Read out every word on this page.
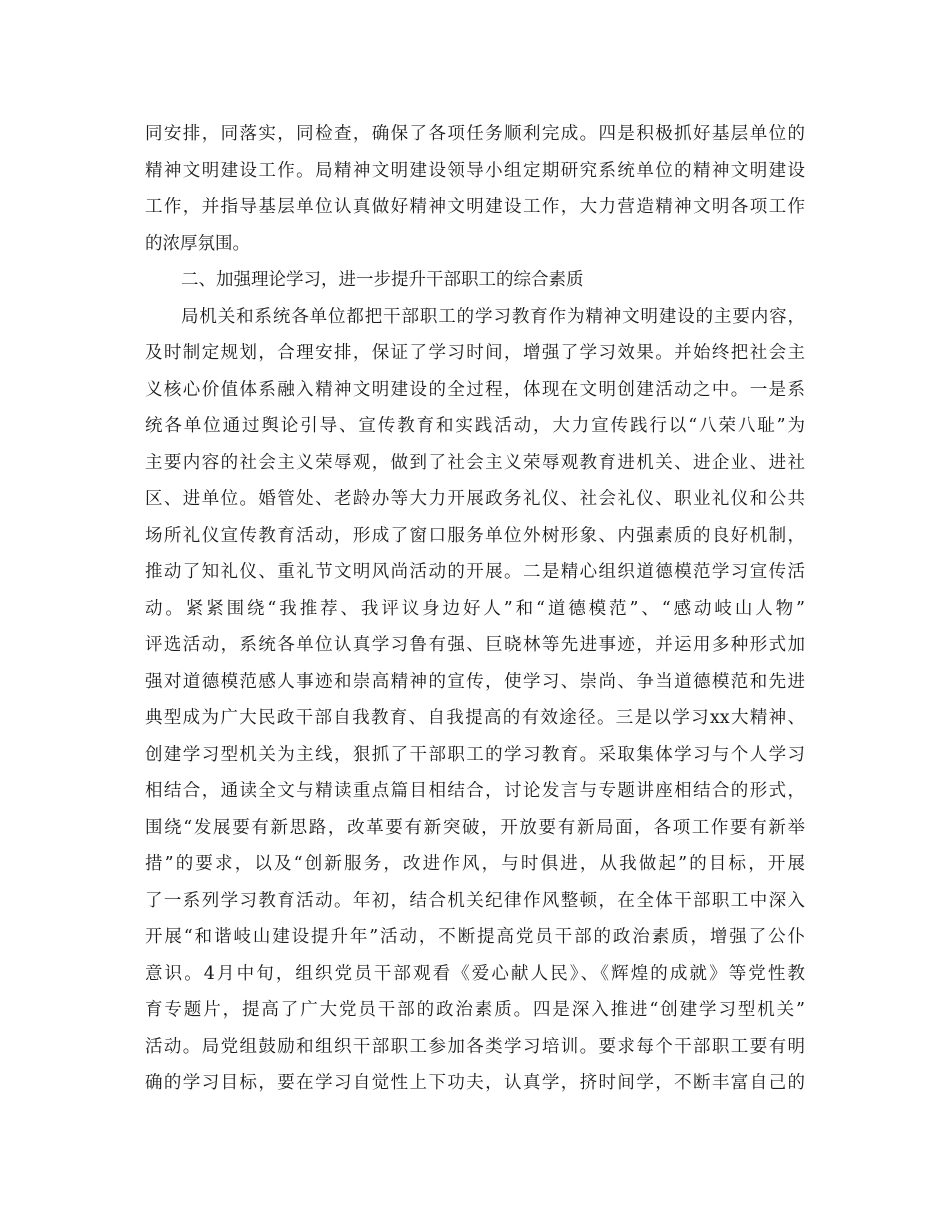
同安排，同落实，同检查，确保了各项任务顺利完成。四是积极抓好基层单位的
精神文明建设工作。局精神文明建设领导小组定期研究系统单位的精神文明建设
工作，并指导基层单位认真做好精神文明建设工作，大力营造精神文明各项工作
的浓厚氛围。
二、加强理论学习，进一步提升干部职工的综合素质
局机关和系统各单位都把干部职工的学习教育作为精神文明建设的主要内容，
及时制定规划，合理安排，保证了学习时间，增强了学习效果。并始终把社会主
义核心价值体系融入精神文明建设的全过程，体现在文明创建活动之中。一是系
统各单位通过舆论引导、宣传教育和实践活动，大力宣传践行以“八荣八耻”为
主要内容的社会主义荣辱观，做到了社会主义荣辱观教育进机关、进企业、进社
区、进单位。婚管处、老龄办等大力开展政务礼仪、社会礼仪、职业礼仪和公共
场所礼仪宣传教育活动，形成了窗口服务单位外树形象、内强素质的良好机制，
推动了知礼仪、重礼节文明风尚活动的开展。二是精心组织道德模范学习宣传活
动。紧紧围绕“我推荐、我评议身边好人”和“道德模范”、“感动岐山人物”
评选活动，系统各单位认真学习鲁有强、巨晓林等先进事迹，并运用多种形式加
强对道德模范感人事迹和崇高精神的宣传，使学习、崇尚、争当道德模范和先进
典型成为广大民政干部自我教育、自我提高的有效途径。三是以学习xx大精神、
创建学习型机关为主线，狠抓了干部职工的学习教育。采取集体学习与个人学习
相结合，通读全文与精读重点篇目相结合，讨论发言与专题讲座相结合的形式，
围绕“发展要有新思路，改革要有新突破，开放要有新局面，各项工作要有新举
措”的要求，以及“创新服务，改进作风，与时俱进，从我做起”的目标，开展
了一系列学习教育活动。年初，结合机关纪律作风整顿，在全体干部职工中深入
开展“和谐岐山建设提升年”活动，不断提高党员干部的政治素质，增强了公仆
意识。4月中旬，组织党员干部观看《爱心献人民》、《辉煌的成就》等党性教
育专题片，提高了广大党员干部的政治素质。四是深入推进“创建学习型机关”
活动。局党组鼓励和组织干部职工参加各类学习培训。要求每个干部职工要有明
确的学习目标，要在学习自觉性上下功夫，认真学，挤时间学，不断丰富自己的
